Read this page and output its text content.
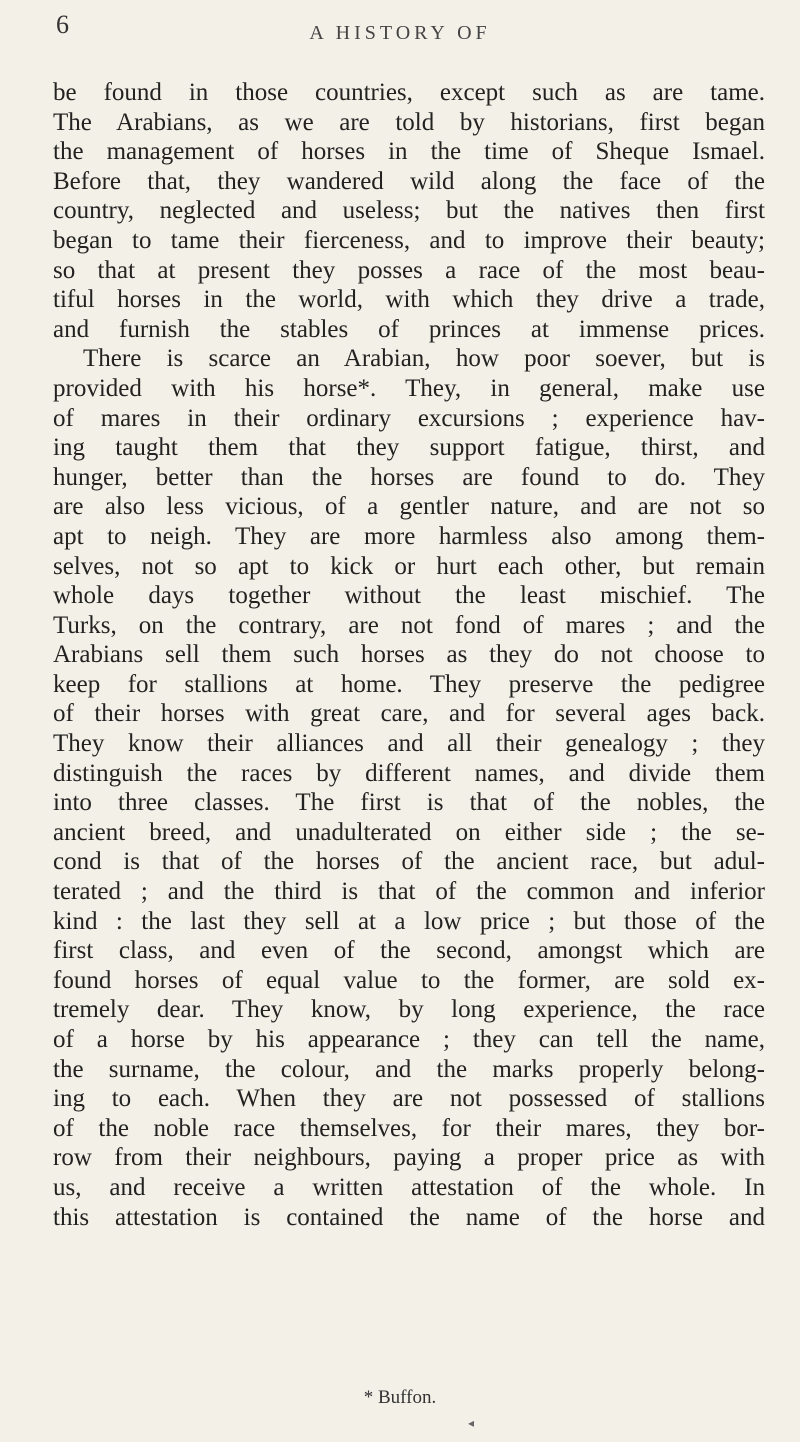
6	A HISTORY OF
be found in those countries, except such as are tame.
The Arabians, as we are told by historians, first began
the management of horses in the time of Sheque Ismael.
Before that, they wandered wild along the face of the
country, neglected and useless; but the natives then first
began to tame their fierceness, and to improve their beauty;
so that at present they posses a race of the most beau-
tiful horses in the world, with which they drive a trade,
and furnish the stables of princes at immense prices.
There is scarce an Arabian, how poor soever, but is
provided with his horse*. They, in general, make use
of mares in their ordinary excursions ; experience hav-
ing taught them that they support fatigue, thirst, and
hunger, better than the horses are found to do. They
are also less vicious, of a gentler nature, and are not so
apt to neigh. They are more harmless also among them-
selves, not so apt to kick or hurt each other, but remain
whole days together without the least mischief. The
Turks, on the contrary, are not fond of mares ; and the
Arabians sell them such horses as they do not choose to
keep for stallions at home. They preserve the pedigree
of their horses with great care, and for several ages back.
They know their alliances and all their genealogy ; they
distinguish the races by different names, and divide them
into three classes. The first is that of the nobles, the
ancient breed, and unadulterated on either side ; the se-
cond is that of the horses of the ancient race, but adul-
terated ; and the third is that of the common and inferior
kind : the last they sell at a low price ; but those of the
first class, and even of the second, amongst which are
found horses of equal value to the former, are sold ex-
tremely dear. They know, by long experience, the race
of a horse by his appearance ; they can tell the name,
the surname, the colour, and the marks properly belong-
ing to each. When they are not possessed of stallions
of the noble race themselves, for their mares, they bor-
row from their neighbours, paying a proper price as with
us, and receive a written attestation of the whole. In
this attestation is contained the name of the horse and
* Buffon.
◂
